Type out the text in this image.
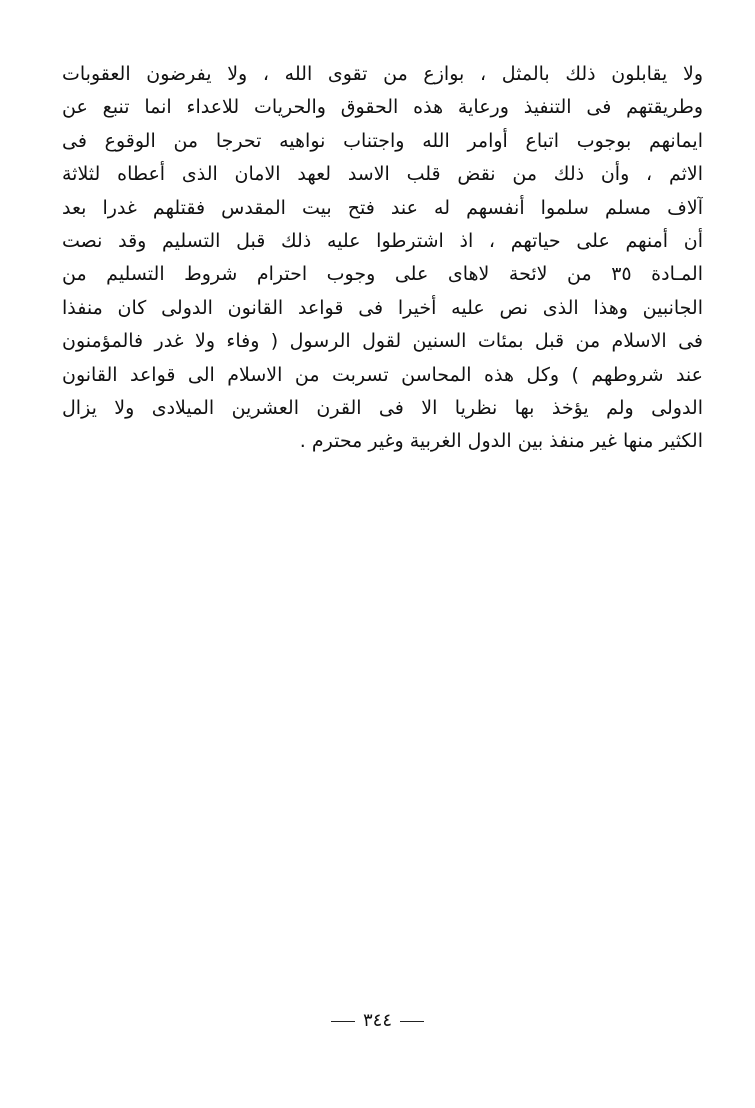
ولا يقابلون ذلك بالمثل ، بوازع من تقوى الله ، ولا يفرضون العقوبات
وطريقتهم فى التنفيذ ورعاية هذه الحقوق والحريات للاعداء انما تنبع عن
ايمانهم بوجوب اتباع أوامر الله واجتناب نواهيه تحرجا من الوقوع فى
الاثم ، وأن ذلك من نقض قلب الاسد لعهد الامان الذى أعطاه لثلاثة
آلاف مسلم سلموا أنفسهم له عند فتح بيت المقدس فقتلهم غدرا بعد
أن أمنهم على حياتهم ، اذ اشترطوا عليه ذلك قبل التسليم وقد نصت
المـادة ٣٥ من لائحة لاهاى على وجوب احترام شروط التسليم من
الجانبين وهذا الذى نص عليه أخيرا فى قواعد القانون الدولى كان منفذا
فى الاسلام من قبل بمئات السنين لقول الرسول ( وفاء ولا غدر فالمؤمنون
عند شروطهم ) وكل هذه المحاسن تسربت من الاسلام الى قواعد القانون
الدولى ولم يؤخذ بها نظريا الا فى القرن العشرين الميلادى ولا يزال
الكثير منها غير منفذ بين الدول الغربية وغير محترم .
٣٤٤
